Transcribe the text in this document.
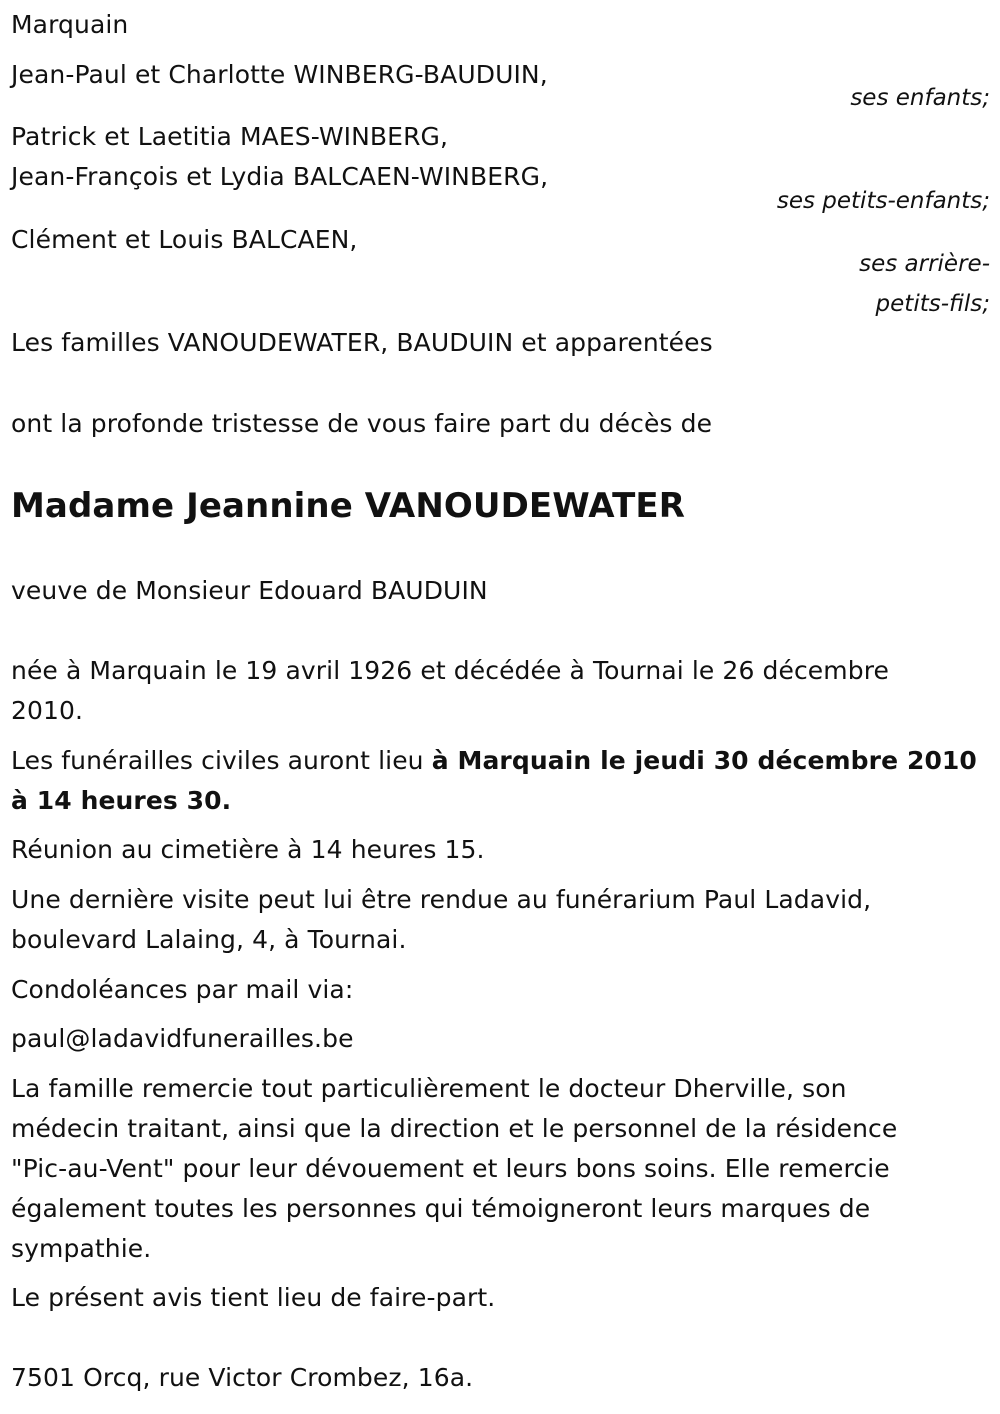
Marquain

Jean-Paul et Charlotte WINBERG-BAUDUIN,

ses enfants;

Patrick et Laetitia MAES-WINBERG,

Jean-François et Lydia BALCAEN-WINBERG,

ses petits-enfants;

Clément et Louis BALCAEN,

ses arrière-

petits-fils;

Les familles VANOUDEWATER, BAUDUIN et apparentées

ont la profonde tristesse de vous faire part du décès de

Madame Jeannine VANOUDEWATER

veuve de Monsieur Edouard BAUDUIN

née à Marquain le 19 avril 1926 et décédée à Tournai le 26 décembre
2010.

Les funérailles civiles auront lieu à Marquain le jeudi 30 décembre 2010
à 14 heures 30.

Réunion au cimetière à 14 heures 15.

Une dernière visite peut lui être rendue au funérarium Paul Ladavid,
boulevard Lalaing, 4, à Tournai.

Condoléances par mail via:

paul@ladavidfunerailles.be

La famille remercie tout particulièrement le docteur Dherville, son
médecin traitant, ainsi que la direction et le personnel de la résidence
"Pic-au-Vent" pour leur dévouement et leurs bons soins. Elle remercie
également toutes les personnes qui témoigneront leurs marques de
sympathie.

Le présent avis tient lieu de faire-part.

7501 Orcq, rue Victor Crombez, 16a.
